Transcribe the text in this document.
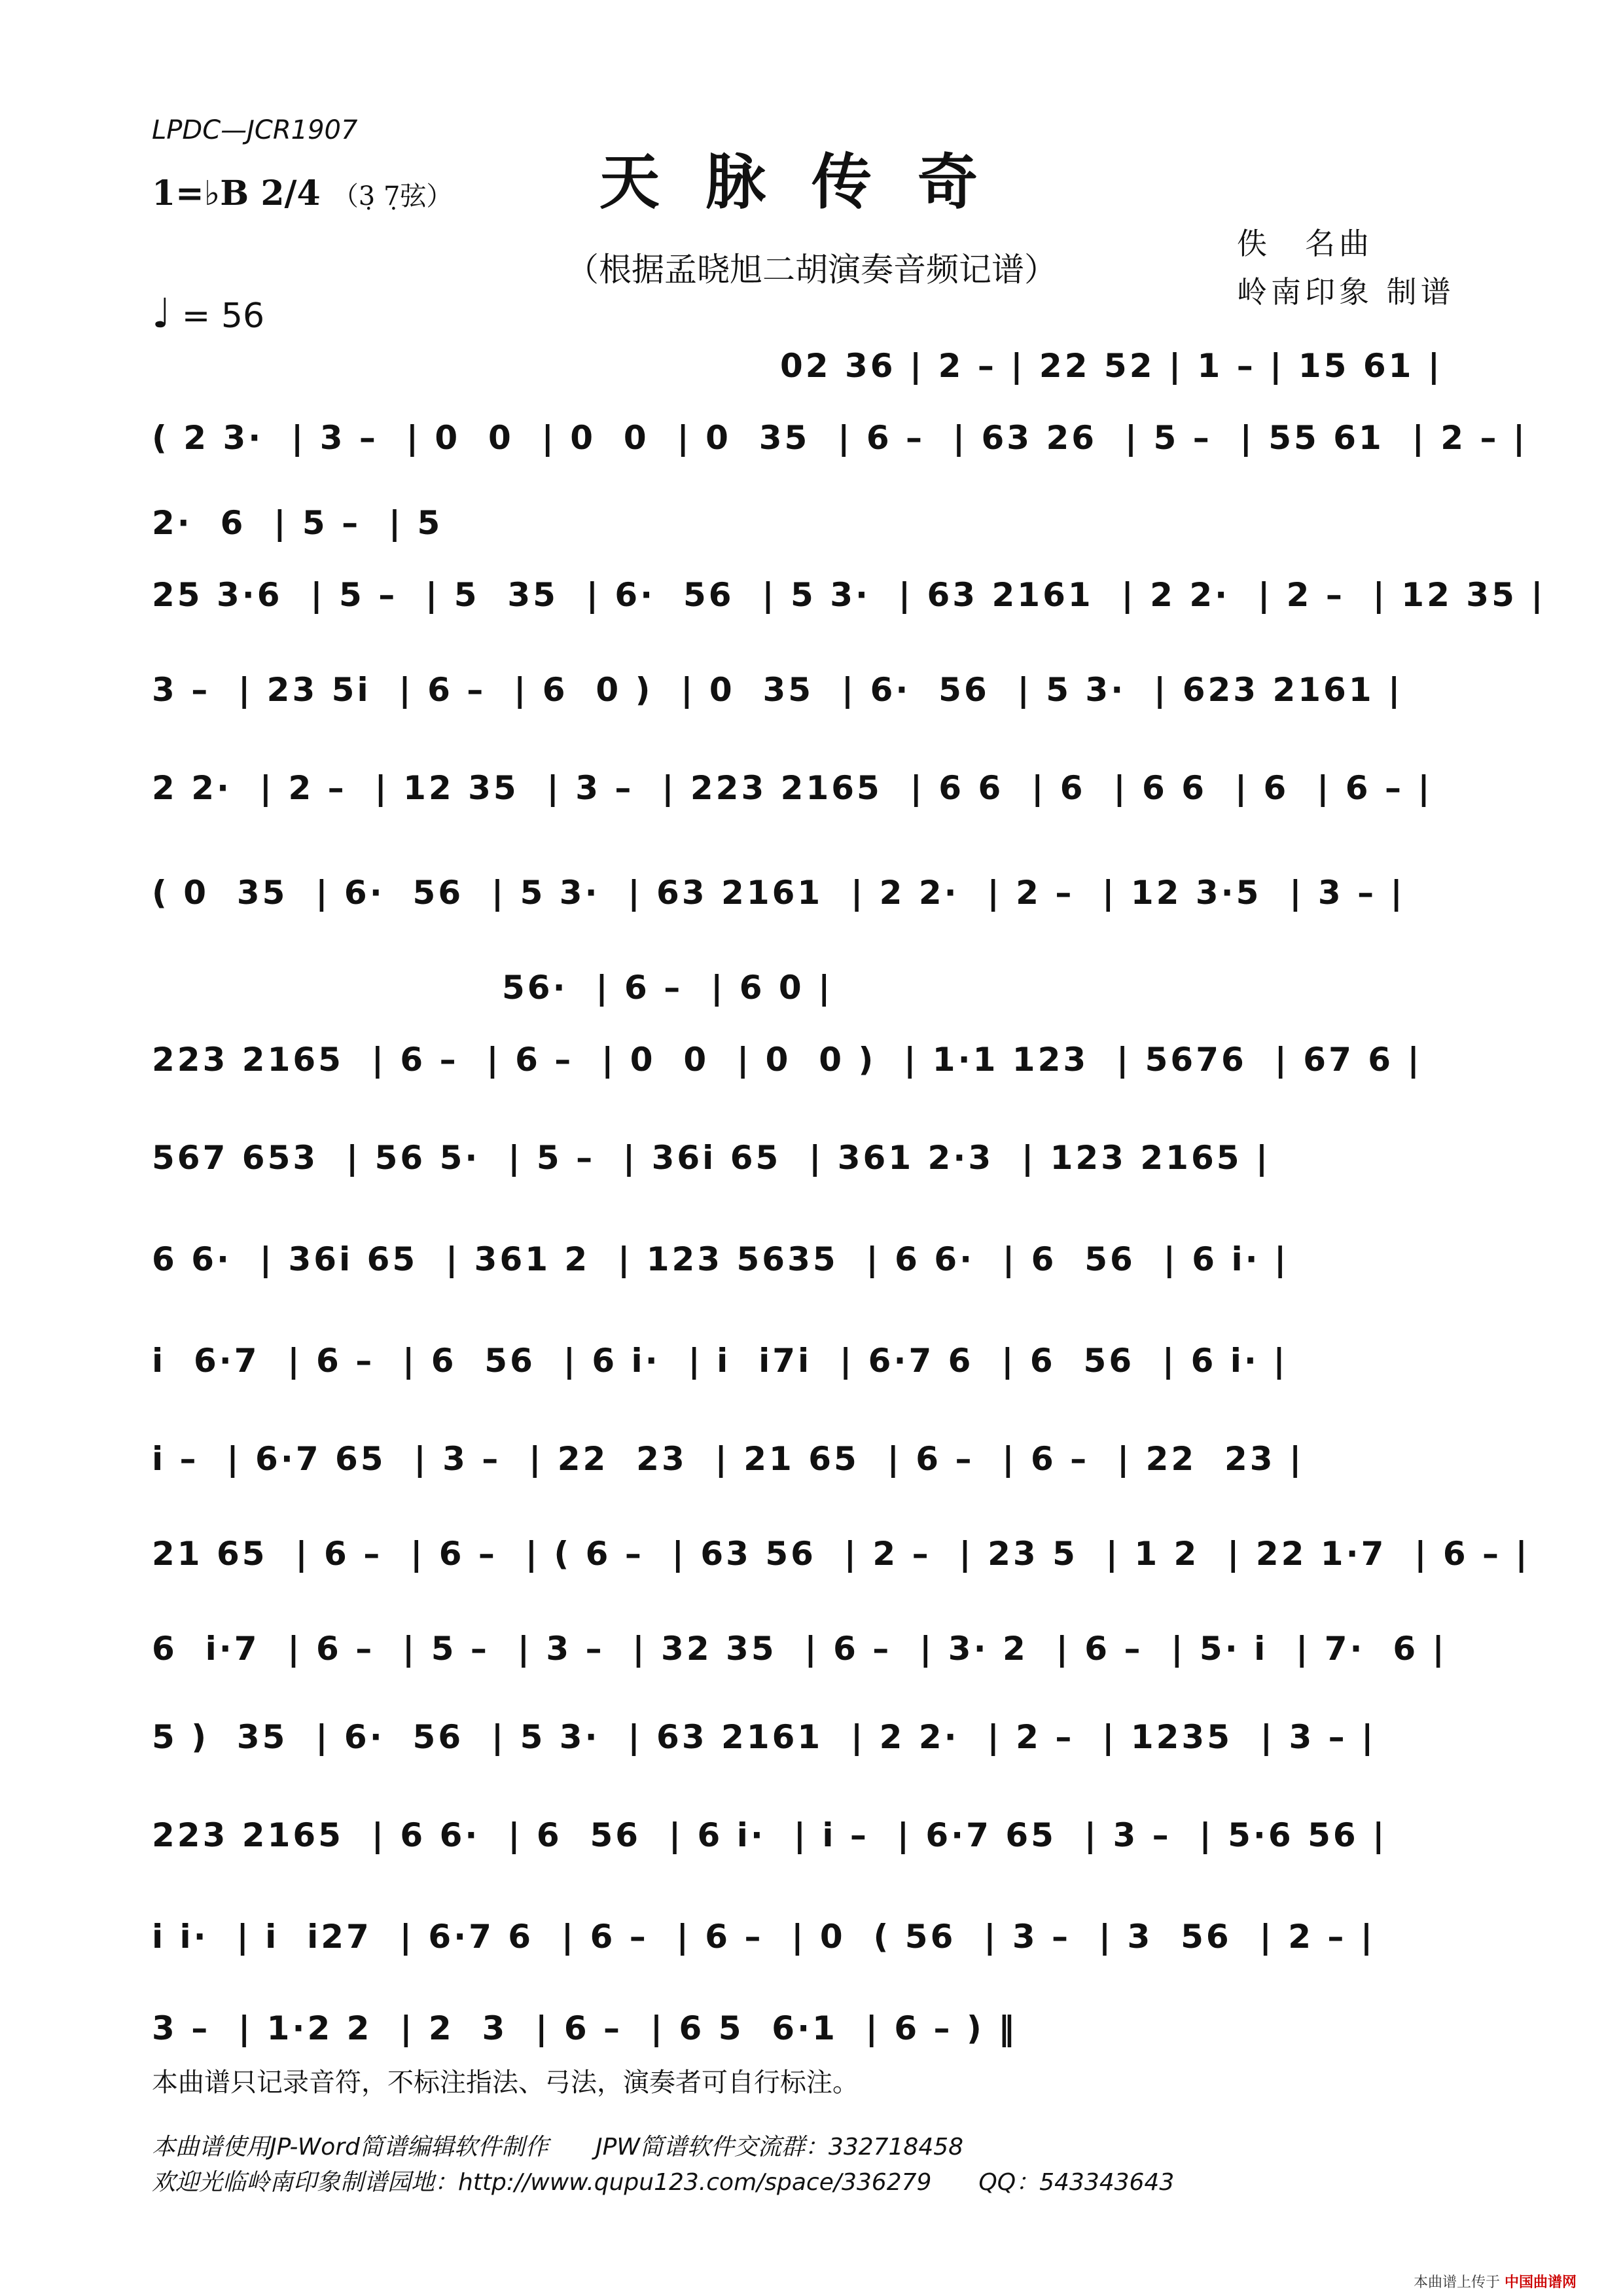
LPDC—JCR1907
天脉传奇
1=♭B 2/4 （3̣ 7̣弦）
（根据孟晓旭二胡演奏音频记谱）
佚　名曲
岭南印象 制谱
♩ = 56
02 36 | 2 – | 22 52 | 1 – | 15 61 |
( 2 3·  | 3 –  | 0  0  | 0  0  | 0  35  | 6 –  | 63 26  | 5 –  | 55 61  | 2 – |
2·  6  | 5 –  | 5
25 3·6  | 5 –  | 5  35  | 6·  56  | 5 3·  | 63 2161  | 2 2·  | 2 –  | 12 35 |
3 –  | 23 5i  | 6 –  | 6  0 )  | 0  35  | 6·  56  | 5 3·  | 623 2161 |
2 2·  | 2 –  | 12 35  | 3 –  | 223 2165  | 6 6  | 6  | 6 6  | 6  | 6 – |
( 0  35  | 6·  56  | 5 3·  | 63 2161  | 2 2·  | 2 –  | 12 3·5  | 3 – |
56·  | 6 –  | 6 0 |
223 2165  | 6 –  | 6 –  | 0  0  | 0  0 )  | 1·1 123  | 5676  | 67 6 |
567 653  | 56 5·  | 5 –  | 36i 65  | 361 2·3  | 123 2165 |
6 6·  | 36i 65  | 361 2  | 123 5635  | 6 6·  | 6  56  | 6 i· |
i  6·7  | 6 –  | 6  56  | 6 i·  | i  i7i  | 6·7 6  | 6  56  | 6 i· |
i –  | 6·7 65  | 3 –  | 22  23  | 21 65  | 6 –  | 6 –  | 22  23 |
21 65  | 6 –  | 6 –  | ( 6 –  | 63 56  | 2 –  | 23 5  | 1 2  | 22 1·7  | 6 – |
6  i·7  | 6 –  | 5 –  | 3 –  | 32 35  | 6 –  | 3· 2  | 6 –  | 5· i  | 7·  6 |
5 )  35  | 6·  56  | 5 3·  | 63 2161  | 2 2·  | 2 –  | 1235  | 3 – |
223 2165  | 6 6·  | 6  56  | 6 i·  | i –  | 6·7 65  | 3 –  | 5·6 56 |
i i·  | i  i27  | 6·7 6  | 6 –  | 6 –  | 0  ( 56  | 3 –  | 3  56  | 2 – |
3 –  | 1·2 2  | 2  3  | 6 –  | 6 5  6·1  | 6 – ) ‖
本曲谱只记录音符，不标注指法、弓法，演奏者可自行标注。
本曲谱使用JP-Word简谱编辑软件制作　　JPW简谱软件交流群：332718458
欢迎光临岭南印象制谱园地：http://www.qupu123.com/space/336279　　QQ：543343643
本曲谱上传于 中国曲谱网
